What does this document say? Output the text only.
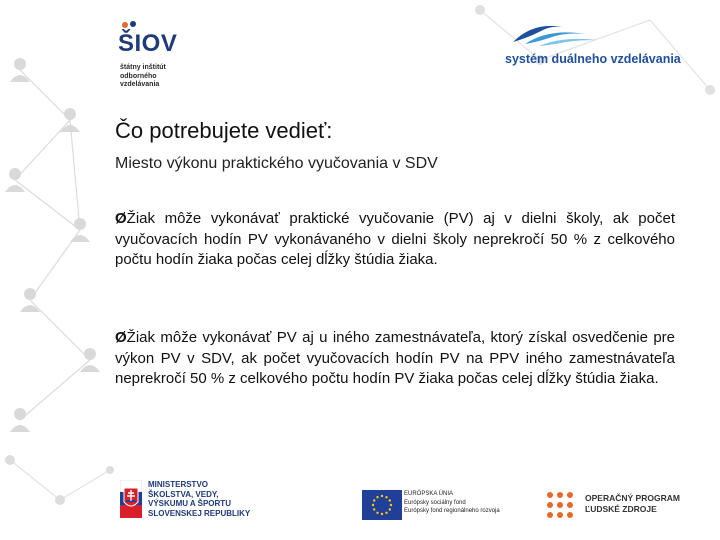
ŠIOV
štátny inštitút
odborného
vzdelávania
systém duálneho vzdelávania
Čo potrebujete vedieť:
Miesto výkonu praktického vyučovania v SDV
ØŽiak môže vykonávať praktické vyučovanie (PV) aj v dielni školy, ak počet vyučovacích hodín PV vykonávaného v dielni školy neprekročí 50 % z celkového počtu hodín žiaka počas celej dĺžky štúdia žiaka.
ØŽiak môže vykonávať PV aj u iného zamestnávateľa, ktorý získal osvedčenie pre výkon PV v SDV, ak počet vyučovacích hodín PV na PPV iného zamestnávateľa neprekročí 50 % z celkového počtu hodín PV žiaka počas celej dĺžky štúdia žiaka.
MINISTERSTVO
ŠKOLSTVA, VEDY,
VÝSKUMU A ŠPORTU
SLOVENSKEJ REPUBLIKY
EURÓPSKA ÚNIA
Európsky sociálny fond
Európsky fond regionálneho rozvoja
OPERAČNÝ PROGRAM
ĽUDSKÉ ZDROJE
